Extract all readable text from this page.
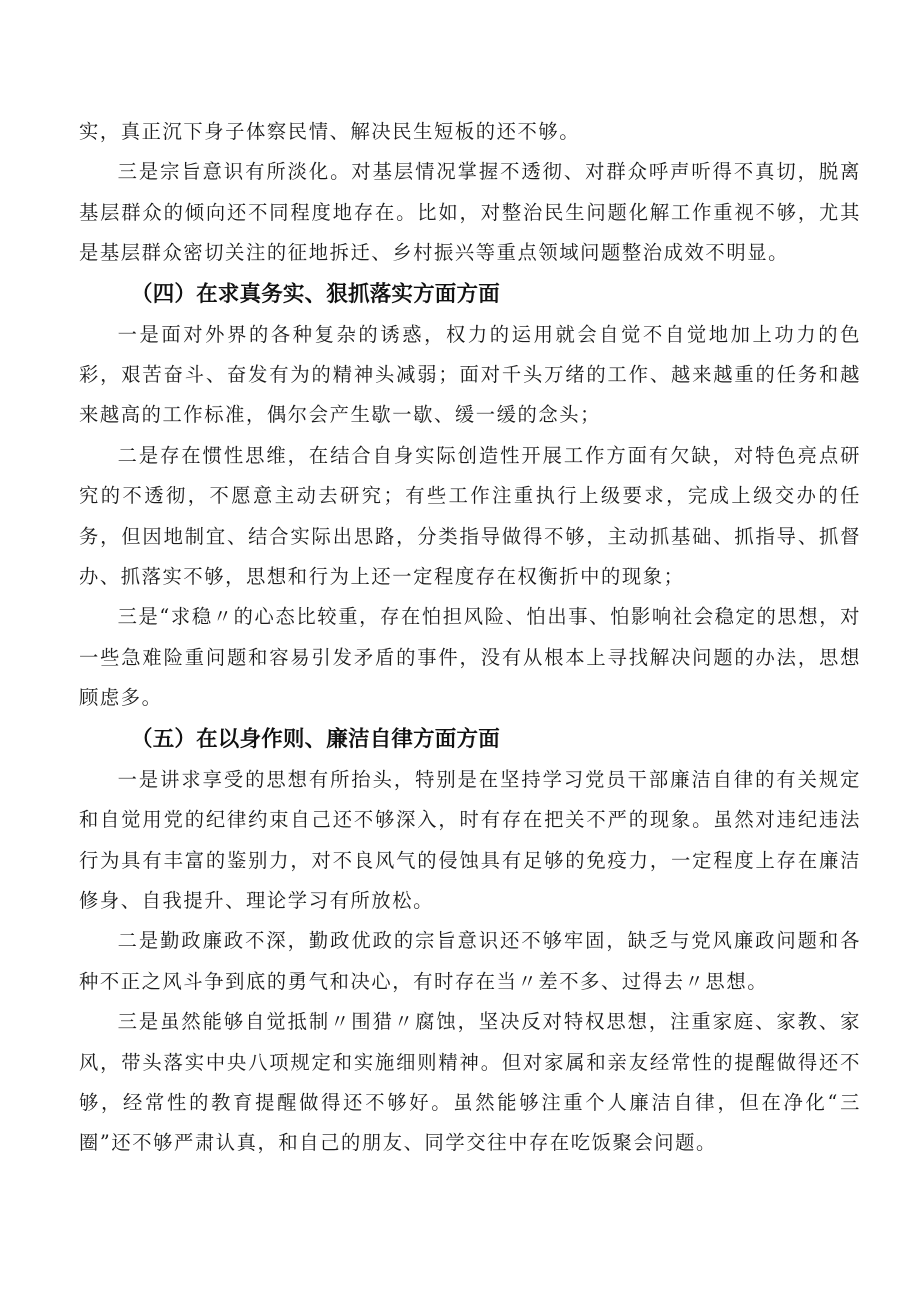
实，真正沉下身子体察民情、解决民生短板的还不够。

三是宗旨意识有所淡化。对基层情况掌握不透彻、对群众呼声听得不真切，脱离基层群众的倾向还不同程度地存在。比如，对整治民生问题化解工作重视不够，尤其是基层群众密切关注的征地拆迁、乡村振兴等重点领域问题整治成效不明显。

（四）在求真务实、狠抓落实方面方面

一是面对外界的各种复杂的诱惑，权力的运用就会自觉不自觉地加上功力的色彩，艰苦奋斗、奋发有为的精神头减弱；面对千头万绪的工作、越来越重的任务和越来越高的工作标准，偶尔会产生歇一歇、缓一缓的念头；

二是存在惯性思维，在结合自身实际创造性开展工作方面有欠缺，对特色亮点研究的不透彻，不愿意主动去研究；有些工作注重执行上级要求，完成上级交办的任务，但因地制宜、结合实际出思路，分类指导做得不够，主动抓基础、抓指导、抓督办、抓落实不够，思想和行为上还一定程度存在权衡折中的现象；

三是“求稳〃的心态比较重，存在怕担风险、怕出事、怕影响社会稳定的思想，对一些急难险重问题和容易引发矛盾的事件，没有从根本上寻找解决问题的办法，思想顾虑多。

（五）在以身作则、廉洁自律方面方面

一是讲求享受的思想有所抬头，特别是在坚持学习党员干部廉洁自律的有关规定和自觉用党的纪律约束自己还不够深入，时有存在把关不严的现象。虽然对违纪违法行为具有丰富的鉴别力，对不良风气的侵蚀具有足够的免疫力，一定程度上存在廉洁修身、自我提升、理论学习有所放松。

二是勤政廉政不深，勤政优政的宗旨意识还不够牢固，缺乏与党风廉政问题和各种不正之风斗争到底的勇气和决心，有时存在当〃差不多、过得去〃思想。

三是虽然能够自觉抵制〃围猎〃腐蚀，坚决反对特权思想，注重家庭、家教、家风，带头落实中央八项规定和实施细则精神。但对家属和亲友经常性的提醒做得还不够，经常性的教育提醒做得还不够好。虽然能够注重个人廉洁自律，但在净化“三圈”还不够严肃认真，和自己的朋友、同学交往中存在吃饭聚会问题。
